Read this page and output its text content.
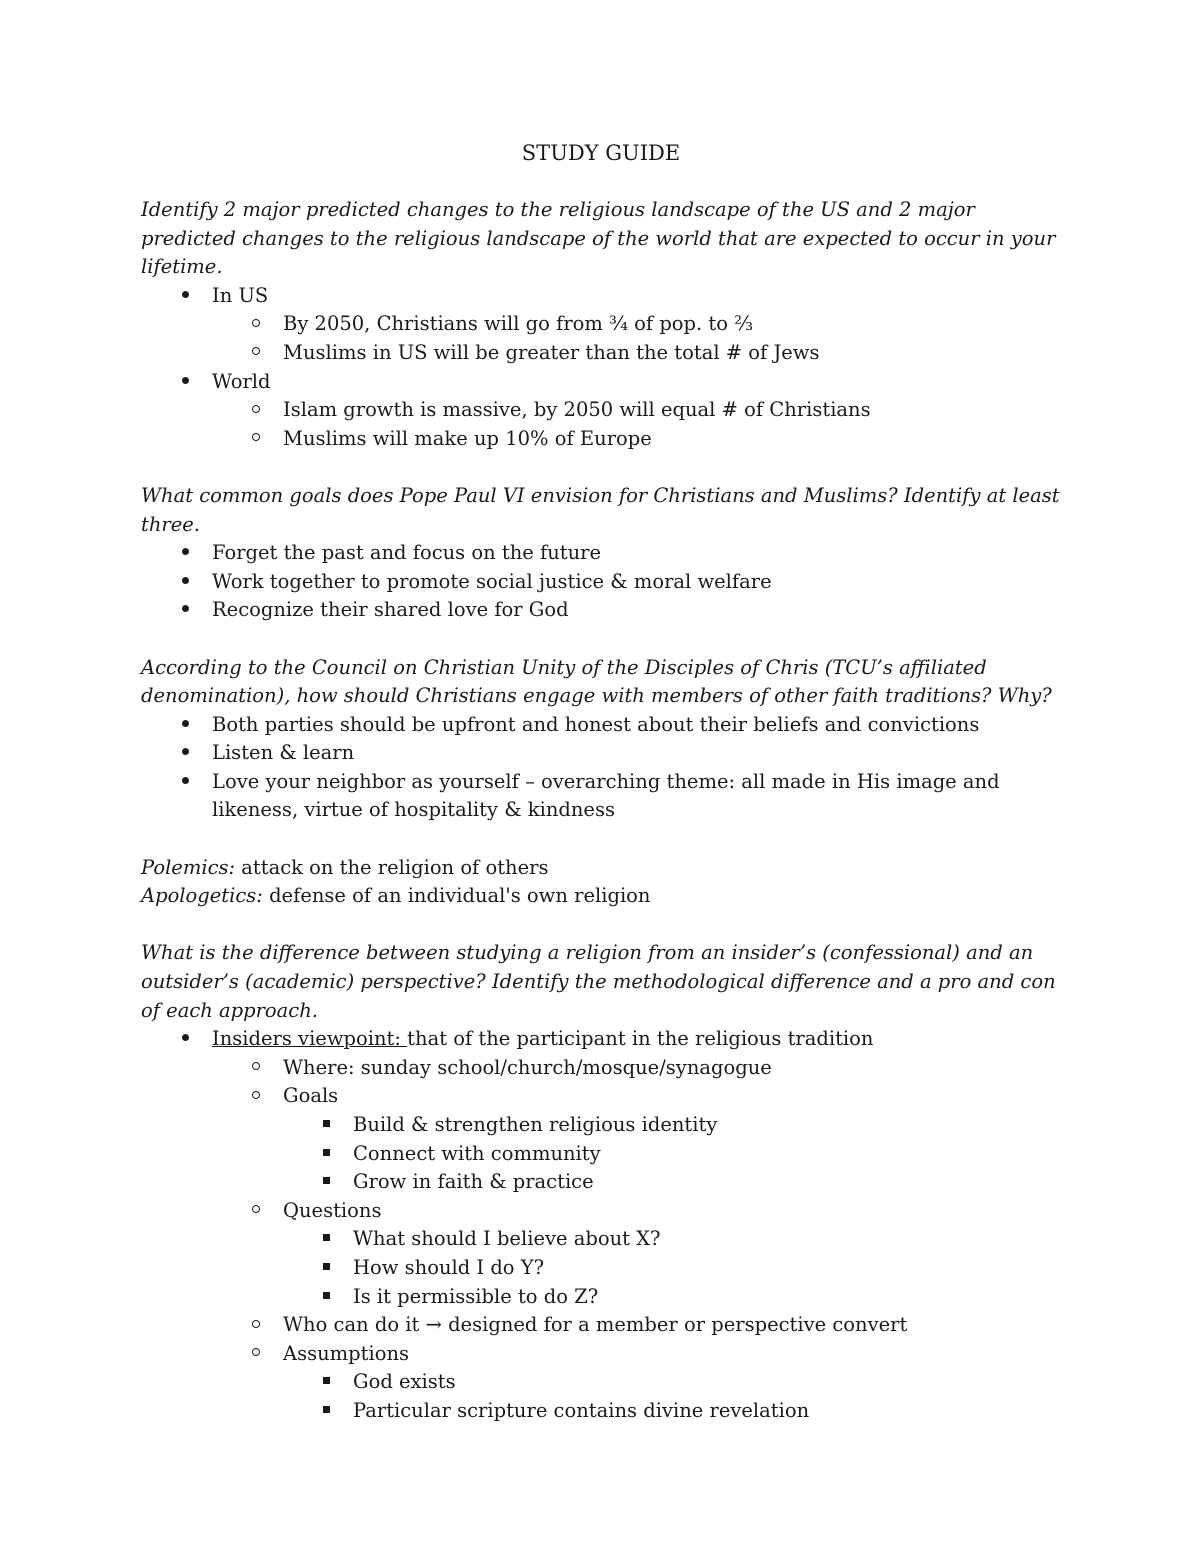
STUDY GUIDE

Identify 2 major predicted changes to the religious landscape of the US and 2 major predicted changes to the religious landscape of the world that are expected to occur in your lifetime.

In US
By 2050, Christians will go from ¾ of pop. to ⅔
Muslims in US will be greater than the total # of Jews
World
Islam growth is massive, by 2050 will equal # of Christians
Muslims will make up 10% of Europe

What common goals does Pope Paul VI envision for Christians and Muslims? Identify at least three.

Forget the past and focus on the future
Work together to promote social justice & moral welfare
Recognize their shared love for God

According to the Council on Christian Unity of the Disciples of Chris (TCU’s affiliated denomination), how should Christians engage with members of other faith traditions? Why?

Both parties should be upfront and honest about their beliefs and convictions
Listen & learn
Love your neighbor as yourself – overarching theme: all made in His image and likeness, virtue of hospitality & kindness
Polemics: attack on the religion of others
Apologetics: defense of an individual's own religion

What is the difference between studying a religion from an insider’s (confessional) and an outsider’s (academic) perspective? Identify the methodological difference and a pro and con of each approach.

Insiders viewpoint: that of the participant in the religious tradition
Where: sunday school/church/mosque/synagogue
Goals
Build & strengthen religious identity
Connect with community
Grow in faith & practice
Questions
What should I believe about X?
How should I do Y?
Is it permissible to do Z?
Who can do it → designed for a member or perspective convert
Assumptions
God exists
Particular scripture contains divine revelation
